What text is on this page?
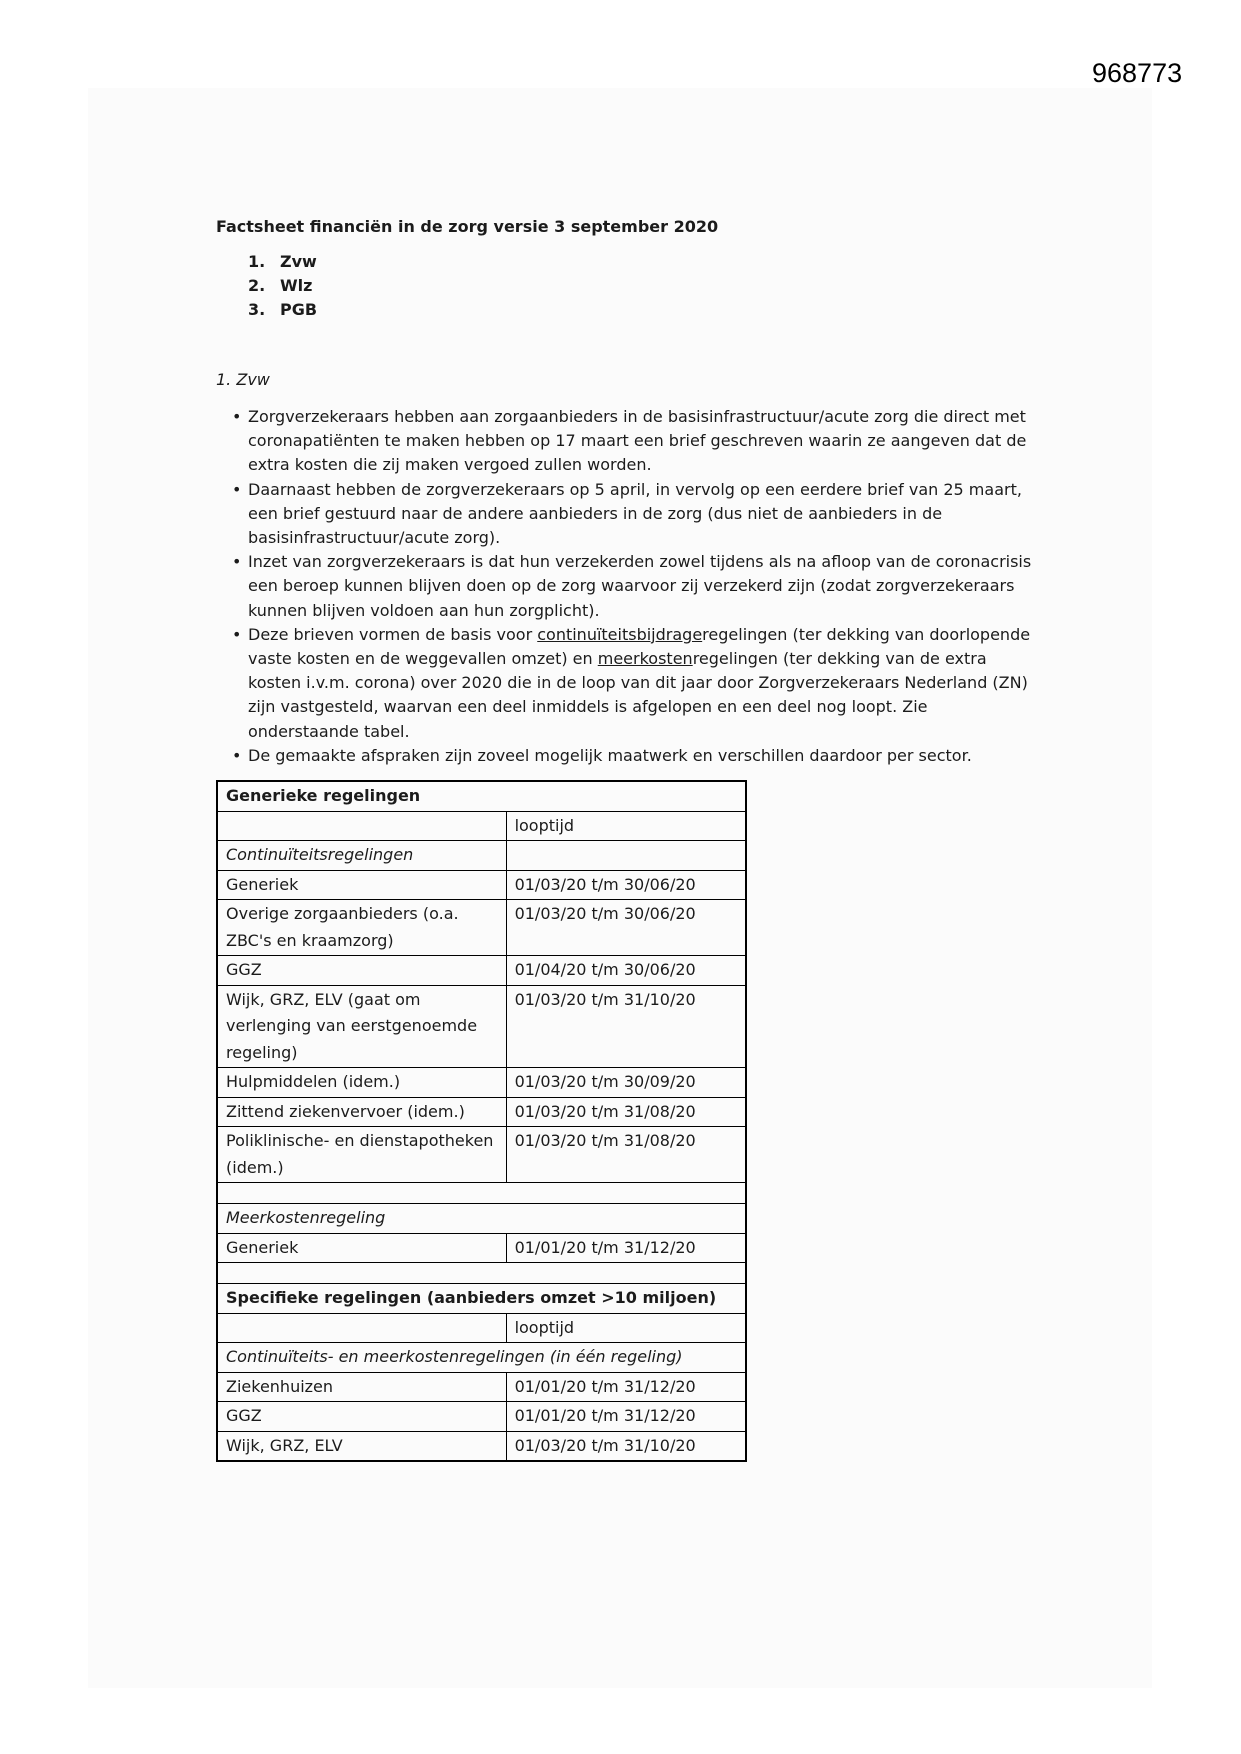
968773

Factsheet financiën in de zorg versie 3 september 2020

1. Zvw
2. Wlz
3. PGB

1. Zvw

• Zorgverzekeraars hebben aan zorgaanbieders in de basisinfrastructuur/acute zorg die direct met coronapatiënten te maken hebben op 17 maart een brief geschreven waarin ze aangeven dat de extra kosten die zij maken vergoed zullen worden.
• Daarnaast hebben de zorgverzekeraars op 5 april, in vervolg op een eerdere brief van 25 maart, een brief gestuurd naar de andere aanbieders in de zorg (dus niet de aanbieders in de basisinfrastructuur/acute zorg).
• Inzet van zorgverzekeraars is dat hun verzekerden zowel tijdens als na afloop van de coronacrisis een beroep kunnen blijven doen op de zorg waarvoor zij verzekerd zijn (zodat zorgverzekeraars kunnen blijven voldoen aan hun zorgplicht).
• Deze brieven vormen de basis voor continuïteitsbijdrageregelingen (ter dekking van doorlopende vaste kosten en de weggevallen omzet) en meerkostenregelingen (ter dekking van de extra kosten i.v.m. corona) over 2020 die in de loop van dit jaar door Zorgverzekeraars Nederland (ZN) zijn vastgesteld, waarvan een deel inmiddels is afgelopen en een deel nog loopt. Zie onderstaande tabel.
• De gemaakte afspraken zijn zoveel mogelijk maatwerk en verschillen daardoor per sector.
Generieke regelingen	
	looptijd
Continuïteitsregelingen	
Generiek	01/03/20 t/m 30/06/20
Overige zorgaanbieders (o.a. ZBC's en kraamzorg)	01/03/20 t/m 30/06/20
GGZ	01/04/20 t/m 30/06/20
Wijk, GRZ, ELV (gaat om verlenging van eerstgenoemde regeling)	01/03/20 t/m 31/10/20
Hulpmiddelen (idem.)	01/03/20 t/m 30/09/20
Zittend ziekenvervoer (idem.)	01/03/20 t/m 31/08/20
Poliklinische- en dienstapotheken (idem.)	01/03/20 t/m 31/08/20

Meerkostenregeling	
Generiek	01/01/20 t/m 31/12/20

Specifieke regelingen (aanbieders omzet >10 miljoen)	
	looptijd
Continuïteits- en meerkostenregelingen (in één regeling)	
Ziekenhuizen	01/01/20 t/m 31/12/20
GGZ	01/01/20 t/m 31/12/20
Wijk, GRZ, ELV	01/03/20 t/m 31/10/20
